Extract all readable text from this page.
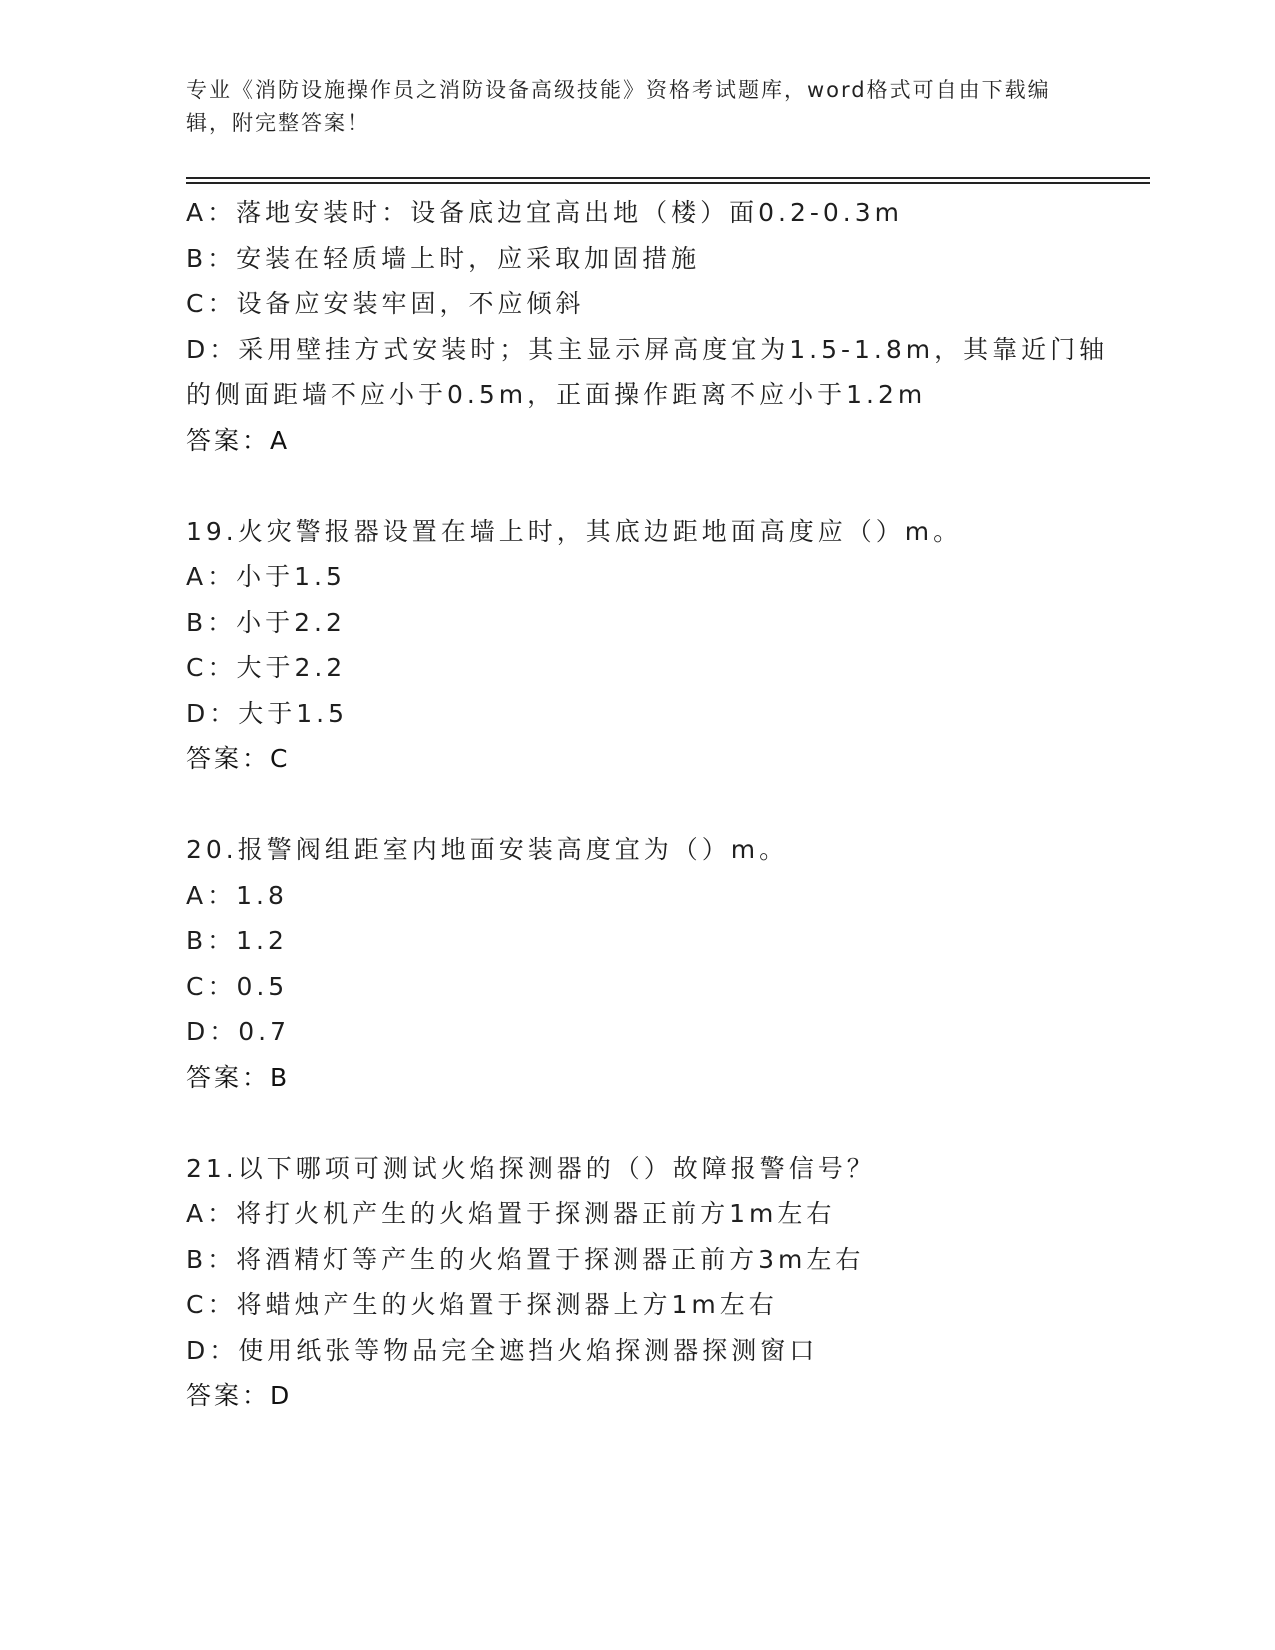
专业《消防设施操作员之消防设备高级技能》资格考试题库，word格式可自由下载编辑，附完整答案！
A：落地安装时：设备底边宜高出地（楼）面0.2-0.3m
B：安装在轻质墙上时，应采取加固措施
C：设备应安装牢固，不应倾斜
D：采用壁挂方式安装时；其主显示屏高度宜为1.5-1.8m，其靠近门轴的侧面距墙不应小于0.5m，正面操作距离不应小于1.2m
答案：A
19.火灾警报器设置在墙上时，其底边距地面高度应（）m。
A：小于1.5
B：小于2.2
C：大于2.2
D：大于1.5
答案：C
20.报警阀组距室内地面安装高度宜为（）m。
A：1.8
B：1.2
C：0.5
D：0.7
答案：B
21.以下哪项可测试火焰探测器的（）故障报警信号？
A：将打火机产生的火焰置于探测器正前方1m左右
B：将酒精灯等产生的火焰置于探测器正前方3m左右
C：将蜡烛产生的火焰置于探测器上方1m左右
D：使用纸张等物品完全遮挡火焰探测器探测窗口
答案：D
